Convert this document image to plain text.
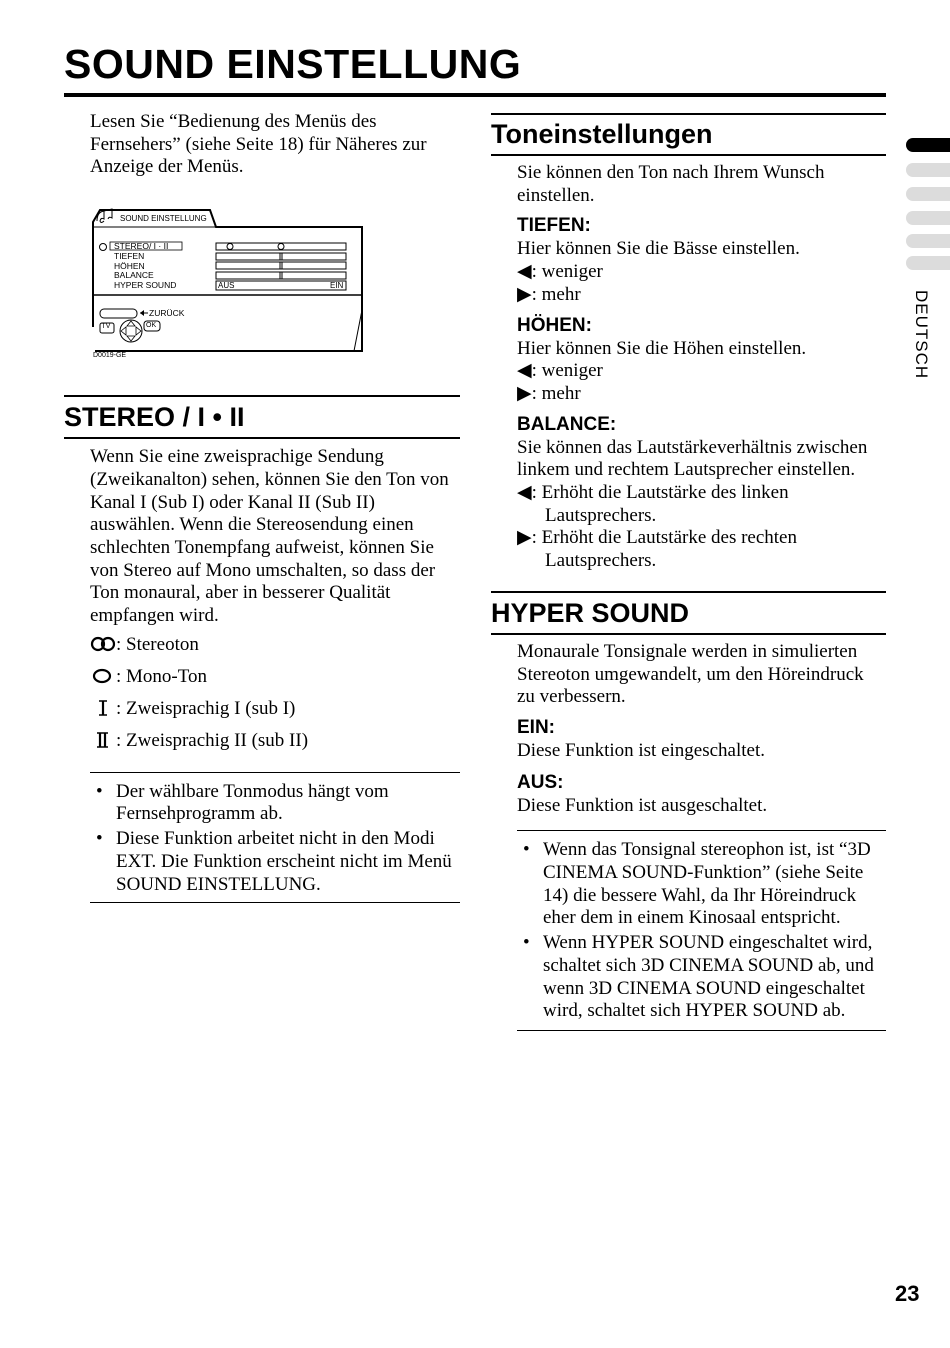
SOUND EINSTELLUNG
DEUTSCH

Lesen Sie “Bedienung des Menüs des Fernsehers” (siehe Seite 18) für Näheres zur Anzeige der Menüs.

SOUND EINSTELLUNG
STEREO/ I · II
TIEFEN
HÖHEN
BALANCE
HYPER SOUND	AUS	EIN
ZURÜCK
TV	OK
D0019-GE
STEREO / I • II

Wenn Sie eine zweisprachige Sendung (Zweikanalton) sehen, können Sie den Ton von Kanal I (Sub I) oder Kanal II (Sub II) auswählen. Wenn die Stereosendung einen schlechten Tonempfang aufweist, können Sie von Stereo auf Mono umschalten, so dass der Ton monaural, aber in besserer Qualität empfangen wird.

: Stereoton
: Mono-Ton
: Zweisprachig I (sub I)
: Zweisprachig II (sub II)
• Der wählbare Tonmodus hängt vom Fernsehprogramm ab.
• Diese Funktion arbeitet nicht in den Modi EXT. Die Funktion erscheint nicht im Menü SOUND EINSTELLUNG.
Toneinstellungen

Sie können den Ton nach Ihrem Wunsch einstellen.

TIEFEN:
Hier können Sie die Bässe einstellen.
◀: weniger
▶: mehr
HÖHEN:
Hier können Sie die Höhen einstellen.
◀: weniger
▶: mehr
BALANCE:
Sie können das Lautstärkeverhältnis zwischen linkem und rechtem Lautsprecher einstellen.
◀: Erhöht die Lautstärke des linken
Lautsprechers.
▶: Erhöht die Lautstärke des rechten
Lautsprechers.
HYPER SOUND

Monaurale Tonsignale werden in simulierten Stereoton umgewandelt, um den Höreindruck zu verbessern.

EIN:
Diese Funktion ist eingeschaltet.
AUS:
Diese Funktion ist ausgeschaltet.
• Wenn das Tonsignal stereophon ist, ist “3D CINEMA SOUND-Funktion” (siehe Seite 14) die bessere Wahl, da Ihr Höreindruck eher dem in einem Kinosaal entspricht.
• Wenn HYPER SOUND eingeschaltet wird, schaltet sich 3D CINEMA SOUND ab, und wenn 3D CINEMA SOUND eingeschaltet wird, schaltet sich HYPER SOUND ab.
23
